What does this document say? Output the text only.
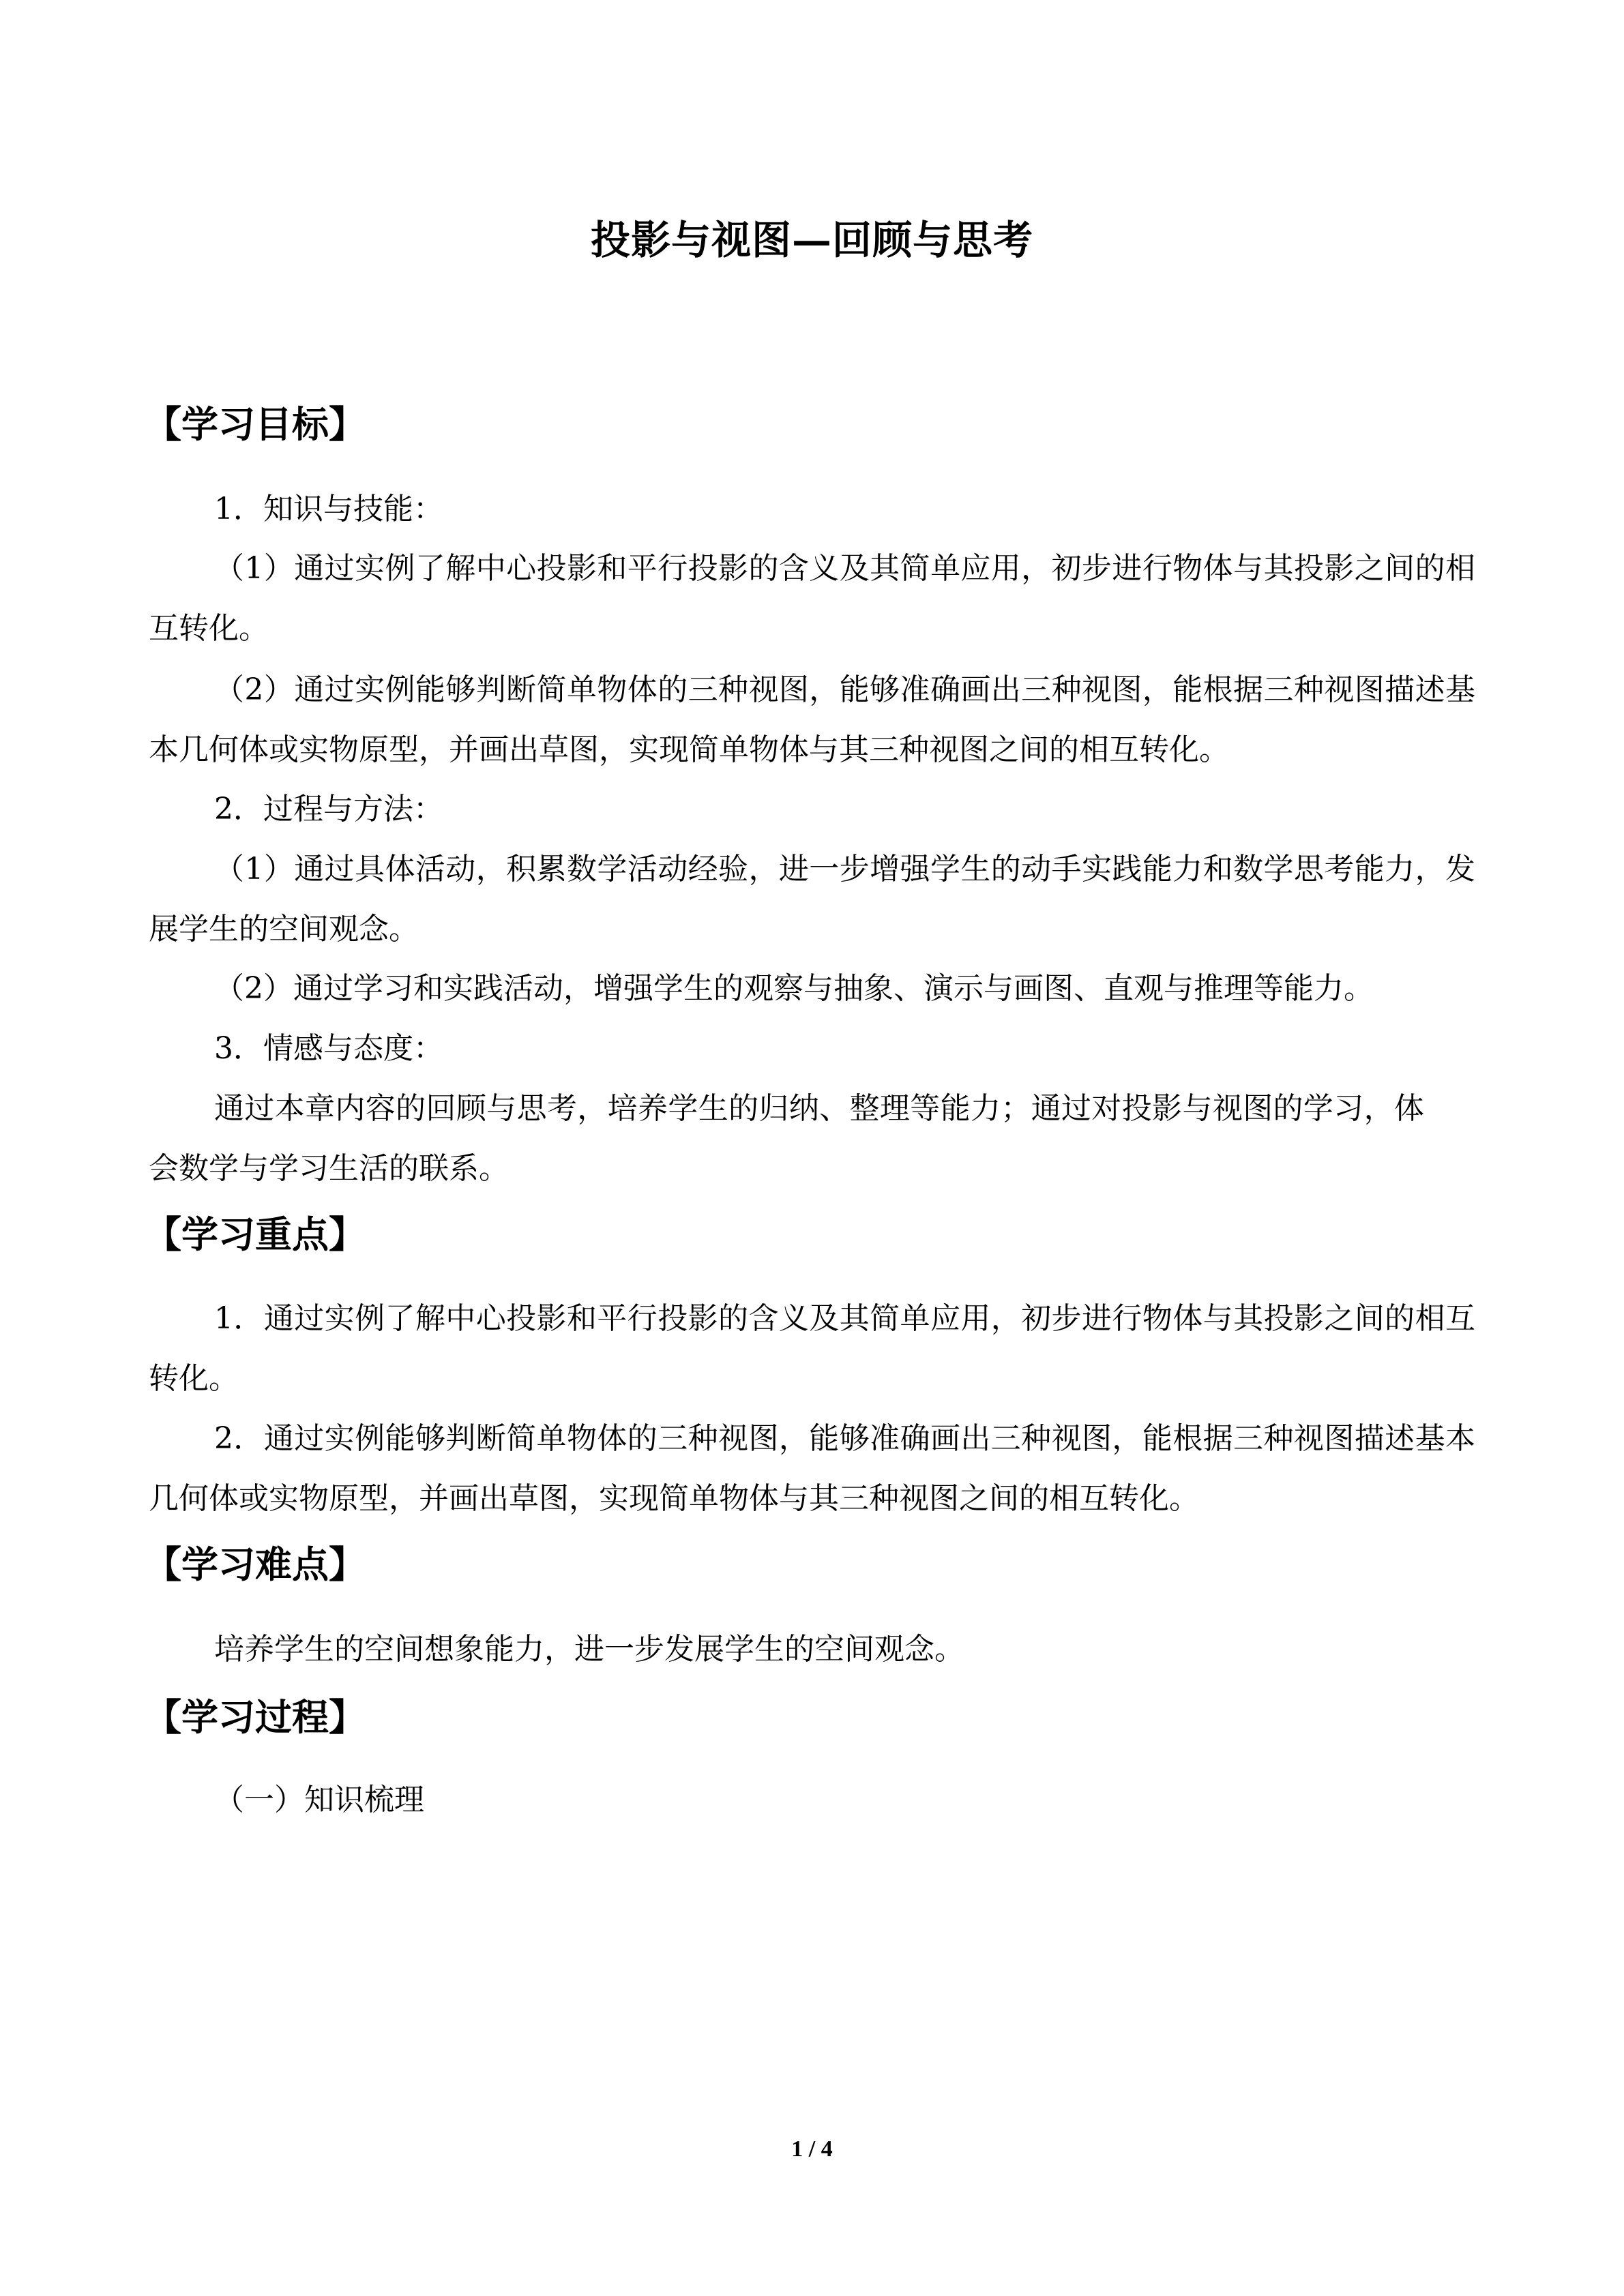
投影与视图—回顾与思考
【学习目标】
1．知识与技能：
（1）通过实例了解中心投影和平行投影的含义及其简单应用，初步进行物体与其投影之间的相互转化。
（2）通过实例能够判断简单物体的三种视图，能够准确画出三种视图，能根据三种视图描述基本几何体或实物原型，并画出草图，实现简单物体与其三种视图之间的相互转化。
2．过程与方法：
（1）通过具体活动，积累数学活动经验，进一步增强学生的动手实践能力和数学思考能力，发展学生的空间观念。
（2）通过学习和实践活动，增强学生的观察与抽象、演示与画图、直观与推理等能力。
3．情感与态度：
通过本章内容的回顾与思考，培养学生的归纳、整理等能力；通过对投影与视图的学习，体会数学与学习生活的联系。
【学习重点】
1．通过实例了解中心投影和平行投影的含义及其简单应用，初步进行物体与其投影之间的相互转化。
2．通过实例能够判断简单物体的三种视图，能够准确画出三种视图，能根据三种视图描述基本几何体或实物原型，并画出草图，实现简单物体与其三种视图之间的相互转化。
【学习难点】
培养学生的空间想象能力，进一步发展学生的空间观念。
【学习过程】
（一）知识梳理
1 / 4
